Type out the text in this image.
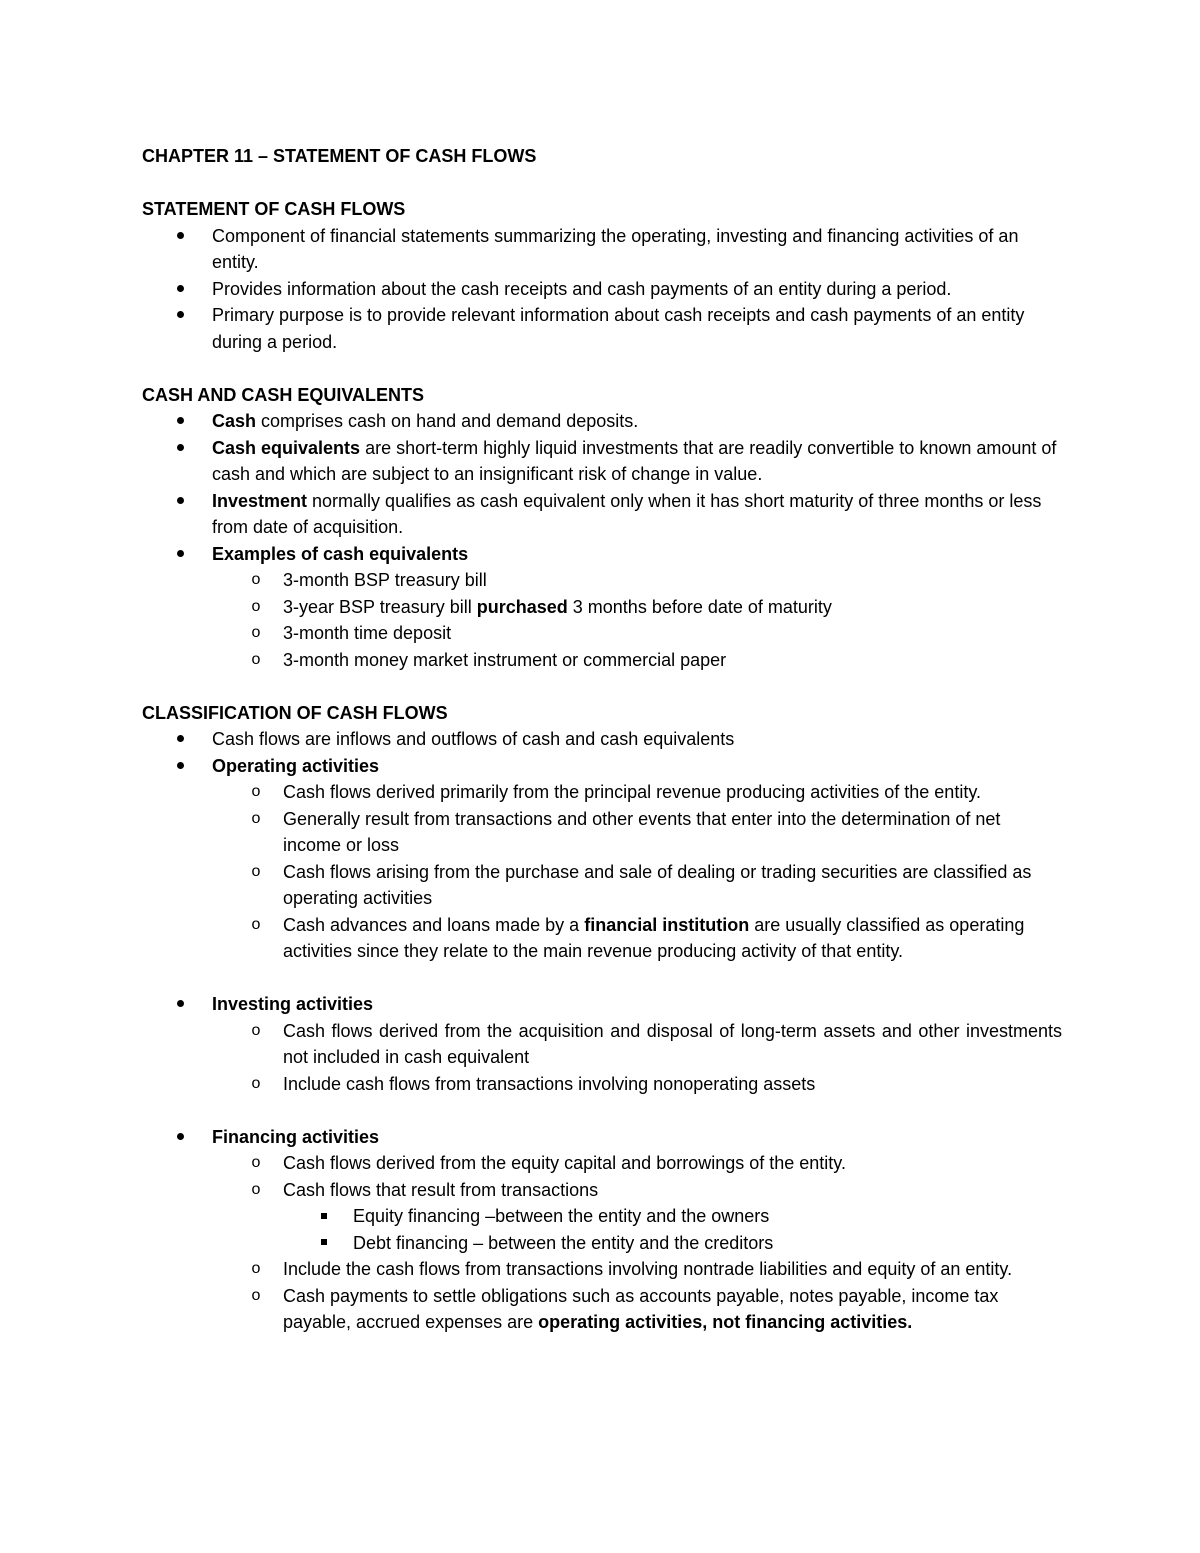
CHAPTER 11 – STATEMENT OF CASH FLOWS
STATEMENT OF CASH FLOWS
Component of financial statements summarizing the operating, investing and financing activities of an entity.
Provides information about the cash receipts and cash payments of an entity during a period.
Primary purpose is to provide relevant information about cash receipts and cash payments of an entity during a period.
CASH AND CASH EQUIVALENTS
Cash comprises cash on hand and demand deposits.
Cash equivalents are short-term highly liquid investments that are readily convertible to known amount of cash and which are subject to an insignificant risk of change in value.
Investment normally qualifies as cash equivalent only when it has short maturity of three months or less from date of acquisition.
Examples of cash equivalents
o 3-month BSP treasury bill
o 3-year BSP treasury bill purchased 3 months before date of maturity
o 3-month time deposit
o 3-month money market instrument or commercial paper
CLASSIFICATION OF CASH FLOWS
Cash flows are inflows and outflows of cash and cash equivalents
Operating activities
o Cash flows derived primarily from the principal revenue producing activities of the entity.
o Generally result from transactions and other events that enter into the determination of net income or loss
o Cash flows arising from the purchase and sale of dealing or trading securities are classified as operating activities
o Cash advances and loans made by a financial institution are usually classified as operating activities since they relate to the main revenue producing activity of that entity.
Investing activities
o Cash flows derived from the acquisition and disposal of long-term assets and other investments not included in cash equivalent
o Include cash flows from transactions involving nonoperating assets
Financing activities
o Cash flows derived from the equity capital and borrowings of the entity.
o Cash flows that result from transactions
Equity financing –between the entity and the owners
Debt financing – between the entity and the creditors
o Include the cash flows from transactions involving nontrade liabilities and equity of an entity.
o Cash payments to settle obligations such as accounts payable, notes payable, income tax payable, accrued expenses are operating activities, not financing activities.
